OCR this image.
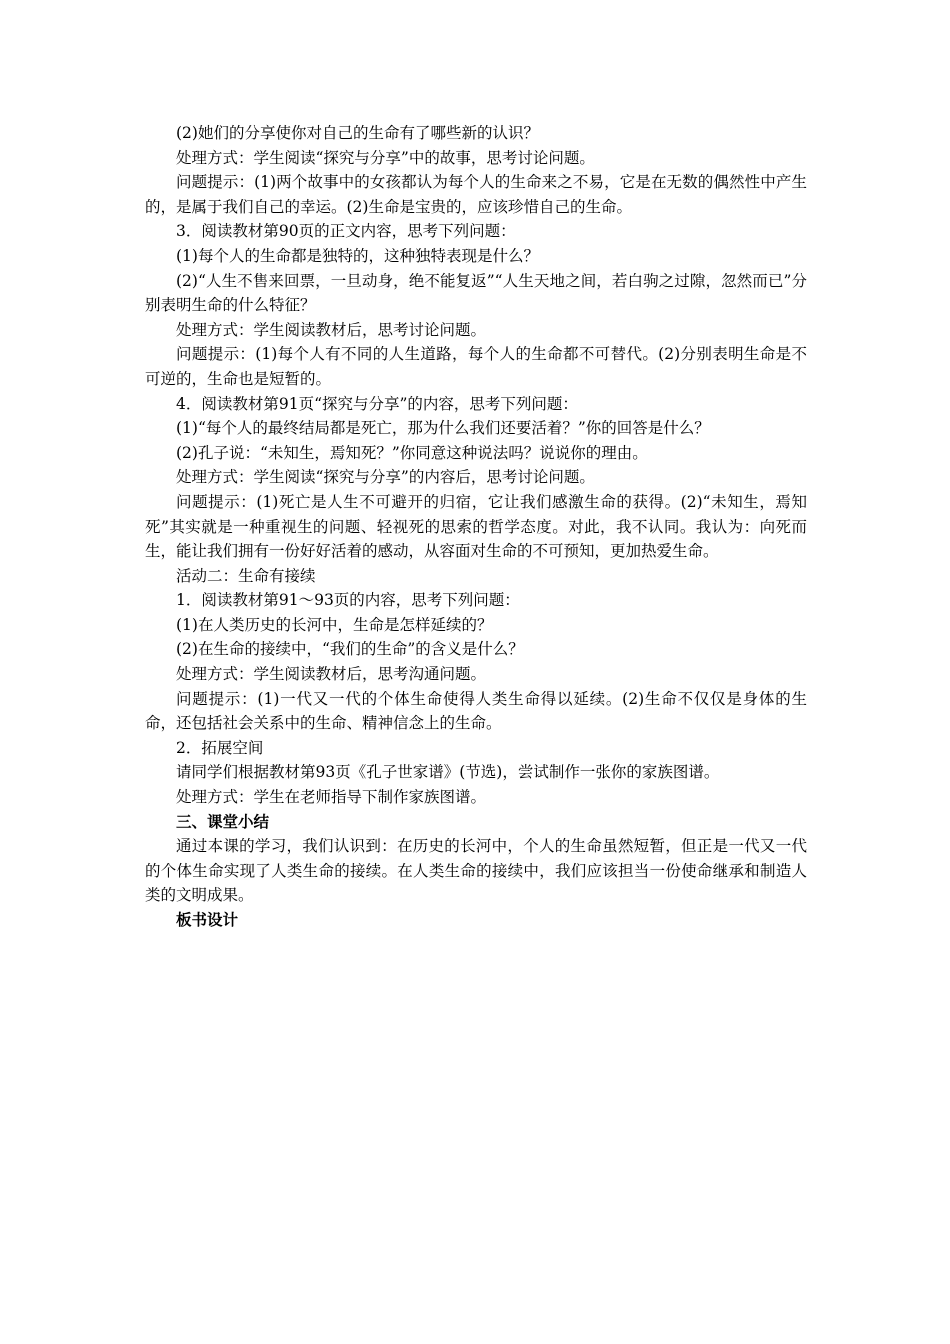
(2)她们的分享使你对自己的生命有了哪些新的认识？
处理方式：学生阅读“探究与分享”中的故事，思考讨论问题。
问题提示：(1)两个故事中的女孩都认为每个人的生命来之不易，它是在无数的偶然性中产生的，是属于我们自己的幸运。(2)生命是宝贵的，应该珍惜自己的生命。
3．阅读教材第90页的正文内容，思考下列问题：
(1)每个人的生命都是独特的，这种独特表现是什么？
(2)“人生不售来回票，一旦动身，绝不能复返”“人生天地之间，若白驹之过隙，忽然而已”分别表明生命的什么特征？
处理方式：学生阅读教材后，思考讨论问题。
问题提示：(1)每个人有不同的人生道路，每个人的生命都不可替代。(2)分别表明生命是不可逆的，生命也是短暂的。
4．阅读教材第91页“探究与分享”的内容，思考下列问题：
(1)“每个人的最终结局都是死亡，那为什么我们还要活着？”你的回答是什么？
(2)孔子说：“未知生，焉知死？”你同意这种说法吗？说说你的理由。
处理方式：学生阅读“探究与分享”的内容后，思考讨论问题。
问题提示：(1)死亡是人生不可避开的归宿，它让我们感激生命的获得。(2)“未知生，焉知死”其实就是一种重视生的问题、轻视死的思索的哲学态度。对此，我不认同。我认为：向死而生，能让我们拥有一份好好活着的感动，从容面对生命的不可预知，更加热爱生命。
活动二：生命有接续
1．阅读教材第91～93页的内容，思考下列问题：
(1)在人类历史的长河中，生命是怎样延续的？
(2)在生命的接续中，“我们的生命”的含义是什么？
处理方式：学生阅读教材后，思考沟通问题。
问题提示：(1)一代又一代的个体生命使得人类生命得以延续。(2)生命不仅仅是身体的生命，还包括社会关系中的生命、精神信念上的生命。
2．拓展空间
请同学们根据教材第93页《孔子世家谱》(节选)，尝试制作一张你的家族图谱。
处理方式：学生在老师指导下制作家族图谱。
三、课堂小结
通过本课的学习，我们认识到：在历史的长河中，个人的生命虽然短暂，但正是一代又一代的个体生命实现了人类生命的接续。在人类生命的接续中，我们应该担当一份使命继承和制造人类的文明成果。
板书设计
